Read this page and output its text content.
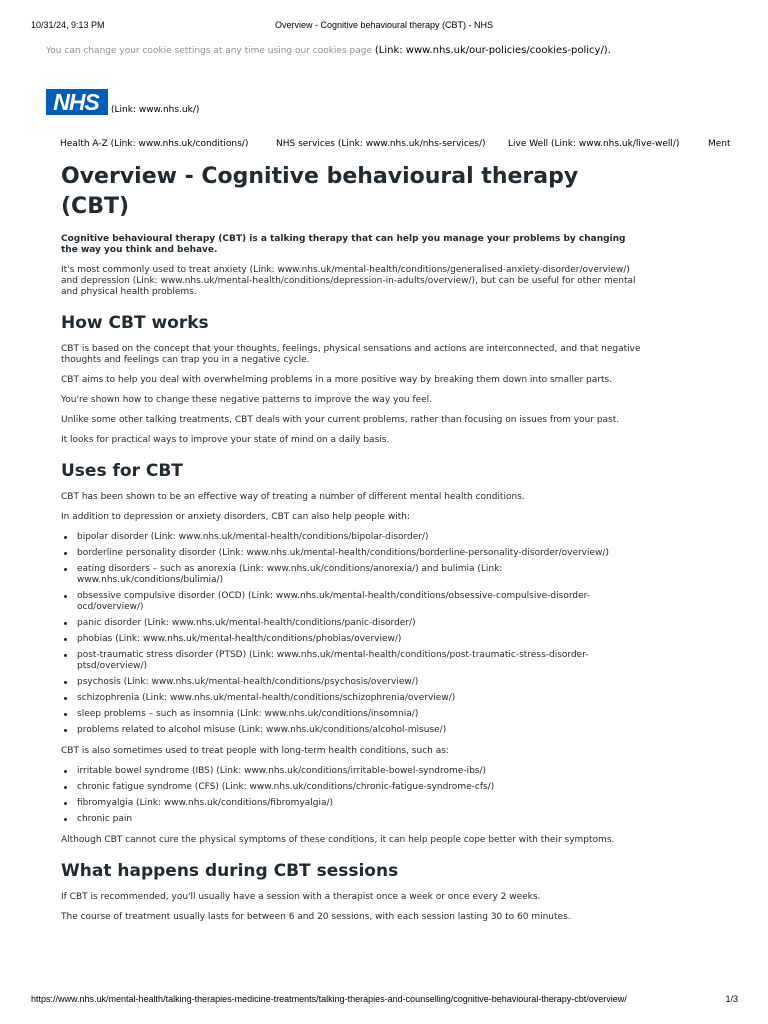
10/31/24, 9:13 PM	Overview - Cognitive behavioural therapy (CBT) - NHS
You can change your cookie settings at any time using our cookies page (Link: www.nhs.uk/our-policies/cookies-policy/).
NHS	(Link: www.nhs.uk/)
Health A-Z (Link: www.nhs.uk/conditions/)	NHS services (Link: www.nhs.uk/nhs-services/) Live Well (Link: www.nhs.uk/live-well/)	Ment
Overview - Cognitive behavioural therapy (CBT)

Cognitive behavioural therapy (CBT) is a talking therapy that can help you manage your problems by changing the way you think and behave.

It's most commonly used to treat anxiety (Link: www.nhs.uk/mental-health/conditions/generalised-anxiety-disorder/overview/) and depression (Link: www.nhs.uk/mental-health/conditions/depression-in-adults/overview/), but can be useful for other mental and physical health problems.

How CBT works

CBT is based on the concept that your thoughts, feelings, physical sensations and actions are interconnected, and that negative thoughts and feelings can trap you in a negative cycle.

CBT aims to help you deal with overwhelming problems in a more positive way by breaking them down into smaller parts.

You're shown how to change these negative patterns to improve the way you feel.

Unlike some other talking treatments, CBT deals with your current problems, rather than focusing on issues from your past.

It looks for practical ways to improve your state of mind on a daily basis.

Uses for CBT

CBT has been shown to be an effective way of treating a number of different mental health conditions.

In addition to depression or anxiety disorders, CBT can also help people with:

bipolar disorder (Link: www.nhs.uk/mental-health/conditions/bipolar-disorder/)
borderline personality disorder (Link: www.nhs.uk/mental-health/conditions/borderline-personality-disorder/overview/)
eating disorders – such as anorexia (Link: www.nhs.uk/conditions/anorexia/) and bulimia (Link: www.nhs.uk/conditions/bulimia/)
obsessive compulsive disorder (OCD) (Link: www.nhs.uk/mental-health/conditions/obsessive-compulsive-disorder-ocd/overview/)
panic disorder (Link: www.nhs.uk/mental-health/conditions/panic-disorder/)
phobias (Link: www.nhs.uk/mental-health/conditions/phobias/overview/)
post-traumatic stress disorder (PTSD) (Link: www.nhs.uk/mental-health/conditions/post-traumatic-stress-disorder-ptsd/overview/)
psychosis (Link: www.nhs.uk/mental-health/conditions/psychosis/overview/)
schizophrenia (Link: www.nhs.uk/mental-health/conditions/schizophrenia/overview/)
sleep problems – such as insomnia (Link: www.nhs.uk/conditions/insomnia/)
problems related to alcohol misuse (Link: www.nhs.uk/conditions/alcohol-misuse/)

CBT is also sometimes used to treat people with long-term health conditions, such as:

irritable bowel syndrome (IBS) (Link: www.nhs.uk/conditions/irritable-bowel-syndrome-ibs/)
chronic fatigue syndrome (CFS) (Link: www.nhs.uk/conditions/chronic-fatigue-syndrome-cfs/)
fibromyalgia (Link: www.nhs.uk/conditions/fibromyalgia/)
chronic pain

Although CBT cannot cure the physical symptoms of these conditions, it can help people cope better with their symptoms.

What happens during CBT sessions

If CBT is recommended, you'll usually have a session with a therapist once a week or once every 2 weeks.

The course of treatment usually lasts for between 6 and 20 sessions, with each session lasting 30 to 60 minutes.

https://www.nhs.uk/mental-health/talking-therapies-medicine-treatments/talking-therapies-and-counselling/cognitive-behavioural-therapy-cbt/overview/	1/3
